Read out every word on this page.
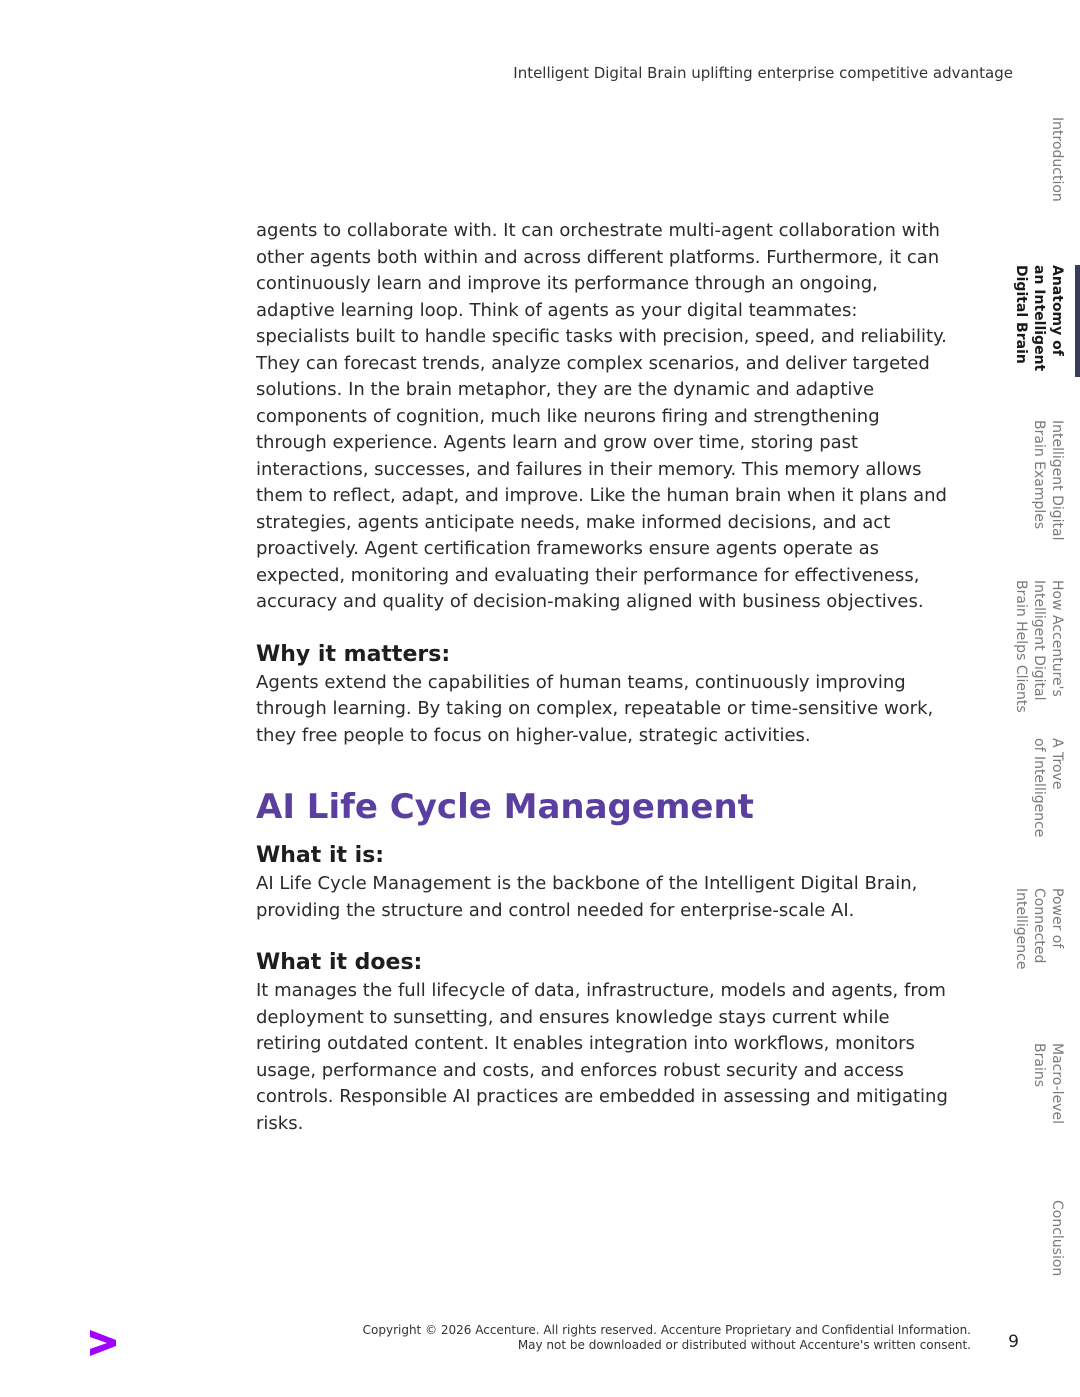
Intelligent Digital Brain uplifting enterprise competitive advantage

agents to collaborate with. It can orchestrate multi-agent collaboration with other agents both within and across different platforms. Furthermore, it can continuously learn and improve its performance through an ongoing, adaptive learning loop. Think of agents as your digital teammates: specialists built to handle specific tasks with precision, speed, and reliability. They can forecast trends, analyze complex scenarios, and deliver targeted solutions. In the brain metaphor, they are the dynamic and adaptive components of cognition, much like neurons firing and strengthening through experience. Agents learn and grow over time, storing past interactions, successes, and failures in their memory. This memory allows them to reflect, adapt, and improve. Like the human brain when it plans and strategies, agents anticipate needs, make informed decisions, and act proactively. Agent certification frameworks ensure agents operate as expected, monitoring and evaluating their performance for effectiveness, accuracy and quality of decision-making aligned with business objectives.

Why it matters:

Agents extend the capabilities of human teams, continuously improving through learning. By taking on complex, repeatable or time-sensitive work, they free people to focus on higher-value, strategic activities.

AI Life Cycle Management
What it is:

AI Life Cycle Management is the backbone of the Intelligent Digital Brain, providing the structure and control needed for enterprise-scale AI.

What it does:

It manages the full lifecycle of data, infrastructure, models and agents, from deployment to sunsetting, and ensures knowledge stays current while retiring outdated content. It enables integration into workflows, monitors usage, performance and costs, and enforces robust security and access controls. Responsible AI practices are embedded in assessing and mitigating risks.

Introduction
Anatomy of
an Intelligent
Digital Brain
Intelligent Digital
Brain Examples
How Accenture's
Intelligent Digital
Brain Helps Clients
A Trove
of Intelligence
Power of
Connected
Intelligence
Macro-level
Brains
Conclusion
Copyright © 2026 Accenture. All rights reserved. Accenture Proprietary and Confidential Information.
May not be downloaded or distributed without Accenture's written consent. 9
